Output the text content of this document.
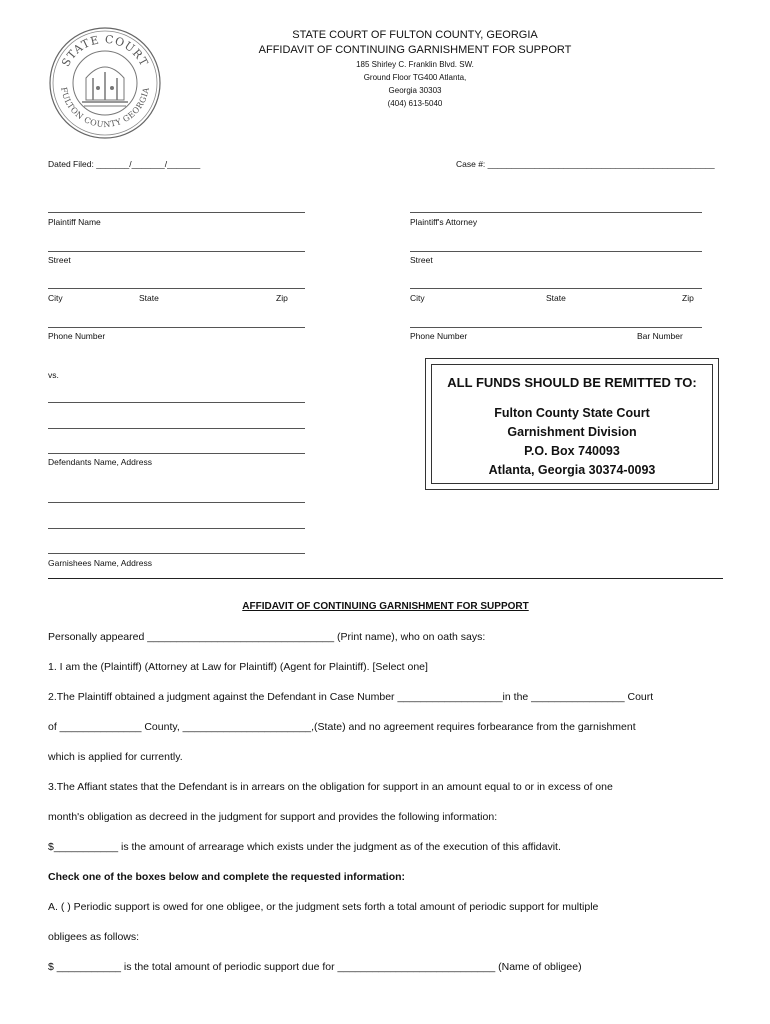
STATE COURT
FULTON COUNTY GEORGIA
STATE COURT OF FULTON COUNTY, GEORGIA
AFFIDAVIT OF CONTINUING GARNISHMENT FOR SUPPORT
185 Shirley C. Franklin Blvd. SW.
Ground Floor TG400 Atlanta,
Georgia 30303
(404) 613-5040
Dated Filed: _______/_______/_______	Case #: ________________________________________________
Plaintiff Name
Street
City	State	Zip
Phone Number
Plaintiff's Attorney
Street
City	State	Zip
Phone Number	Bar Number
vs.
Defendants Name, Address
Garnishees Name, Address
ALL FUNDS SHOULD BE REMITTED TO:
Fulton County State Court
Garnishment Division
P.O. Box 740093
Atlanta, Georgia 30374-0093
AFFIDAVIT OF CONTINUING GARNISHMENT FOR SUPPORT
Personally appeared ________________________________ (Print name), who on oath says:
1. I am the (Plaintiff) (Attorney at Law for Plaintiff) (Agent for Plaintiff). [Select one]
2.The Plaintiff obtained a judgment against the Defendant in Case Number __________________in the ________________ Court
of ______________ County, ______________________,(State) and no agreement requires forbearance from the garnishment
which is applied for currently.
3.The Affiant states that the Defendant is in arrears on the obligation for support in an amount equal to or in excess of one
month's obligation as decreed in the judgment for support and provides the following information:
$___________ is the amount of arrearage which exists under the judgment as of the execution of this affidavit.
Check one of the boxes below and complete the requested information:
A. ( ) Periodic support is owed for one obligee, or the judgment sets forth a total amount of periodic support for multiple
obligees as follows:
$ ___________ is the total amount of periodic support due for ___________________________ (Name of obligee)
